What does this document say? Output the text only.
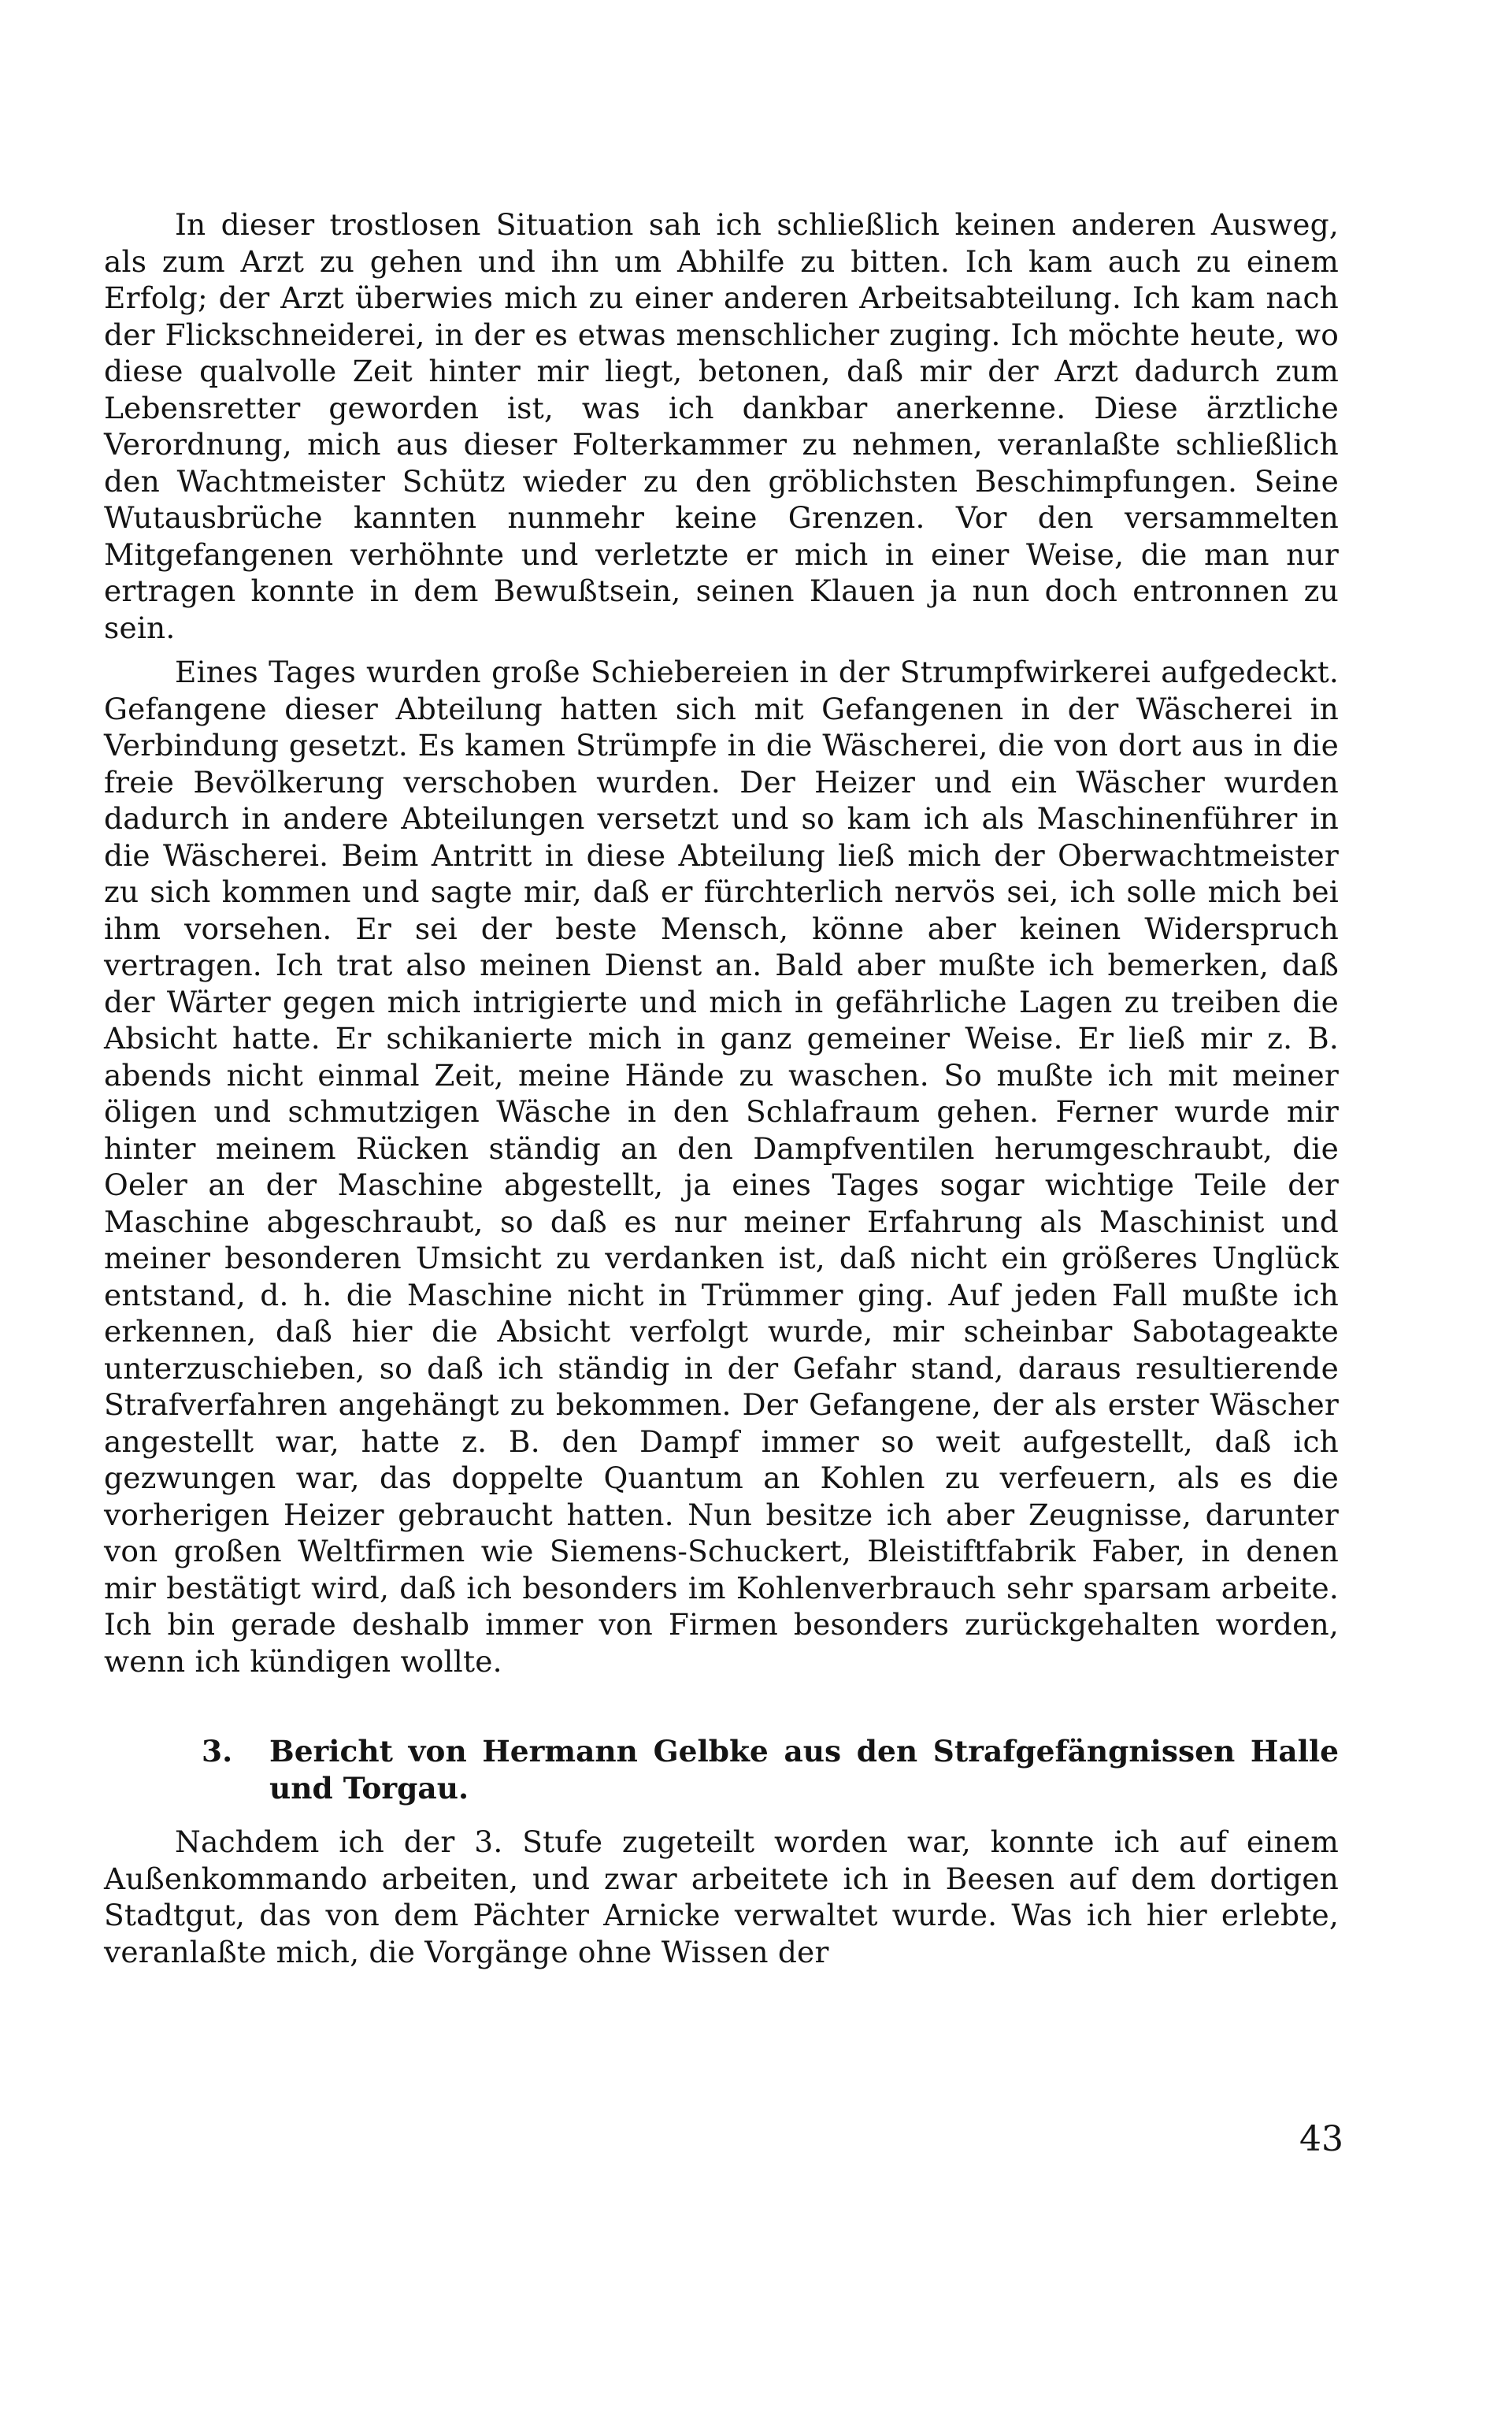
In dieser trostlosen Situation sah ich schließlich keinen anderen Ausweg, als zum Arzt zu gehen und ihn um Abhilfe zu bitten. Ich kam auch zu einem Erfolg; der Arzt überwies mich zu einer anderen Arbeitsabteilung. Ich kam nach der Flickschneiderei, in der es etwas menschlicher zuging. Ich möchte heute, wo diese qualvolle Zeit hinter mir liegt, betonen, daß mir der Arzt dadurch zum Lebensretter geworden ist, was ich dankbar anerkenne. Diese ärztliche Verordnung, mich aus dieser Folterkammer zu nehmen, veranlaßte schließlich den Wachtmeister Schütz wieder zu den gröblichsten Beschimpfungen. Seine Wutausbrüche kannten nunmehr keine Grenzen. Vor den versammelten Mitgefangenen verhöhnte und verletzte er mich in einer Weise, die man nur ertragen konnte in dem Bewußtsein, seinen Klauen ja nun doch entronnen zu sein.

Eines Tages wurden große Schiebereien in der Strumpfwirkerei aufgedeckt. Gefangene dieser Abteilung hatten sich mit Gefangenen in der Wäscherei in Verbindung gesetzt. Es kamen Strümpfe in die Wäscherei, die von dort aus in die freie Bevölkerung verschoben wurden. Der Heizer und ein Wäscher wurden dadurch in andere Abteilungen versetzt und so kam ich als Maschinenführer in die Wäscherei. Beim Antritt in diese Abteilung ließ mich der Oberwachtmeister zu sich kommen und sagte mir, daß er fürchterlich nervös sei, ich solle mich bei ihm vorsehen. Er sei der beste Mensch, könne aber keinen Widerspruch vertragen. Ich trat also meinen Dienst an. Bald aber mußte ich bemerken, daß der Wärter gegen mich intrigierte und mich in gefährliche Lagen zu treiben die Absicht hatte. Er schikanierte mich in ganz gemeiner Weise. Er ließ mir z. B. abends nicht einmal Zeit, meine Hände zu waschen. So mußte ich mit meiner öligen und schmutzigen Wäsche in den Schlafraum gehen. Ferner wurde mir hinter meinem Rücken ständig an den Dampfventilen herumgeschraubt, die Oeler an der Maschine abgestellt, ja eines Tages sogar wichtige Teile der Maschine abgeschraubt, so daß es nur meiner Erfahrung als Maschinist und meiner besonderen Umsicht zu verdanken ist, daß nicht ein größeres Unglück entstand, d. h. die Maschine nicht in Trümmer ging. Auf jeden Fall mußte ich erkennen, daß hier die Absicht verfolgt wurde, mir scheinbar Sabotageakte unterzuschieben, so daß ich ständig in der Gefahr stand, daraus resultierende Strafverfahren angehängt zu bekommen. Der Gefangene, der als erster Wäscher angestellt war, hatte z. B. den Dampf immer so weit aufgestellt, daß ich gezwungen war, das doppelte Quantum an Kohlen zu verfeuern, als es die vorherigen Heizer gebraucht hatten. Nun besitze ich aber Zeugnisse, darunter von großen Weltfirmen wie Siemens-Schuckert, Bleistiftfabrik Faber, in denen mir bestätigt wird, daß ich besonders im Kohlenverbrauch sehr sparsam arbeite. Ich bin gerade deshalb immer von Firmen besonders zurückgehalten worden, wenn ich kündigen wollte.

3. Bericht von Hermann Gelbke aus den Strafgefängnissen Halle und Torgau.

Nachdem ich der 3. Stufe zugeteilt worden war, konnte ich auf einem Außenkommando arbeiten, und zwar arbeitete ich in Beesen auf dem dortigen Stadtgut, das von dem Pächter Arnicke verwaltet wurde. Was ich hier erlebte, veranlaßte mich, die Vorgänge ohne Wissen der

43
